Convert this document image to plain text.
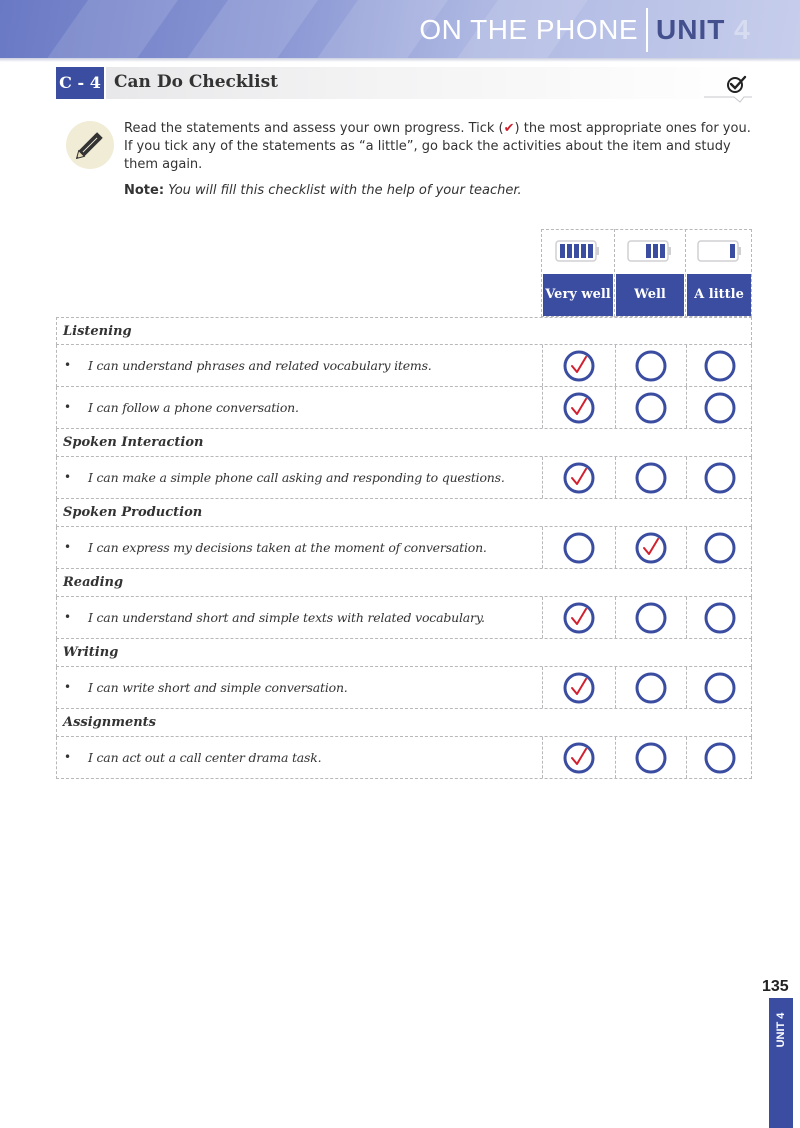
ON THE PHONE UNIT 4
C - 4 Can Do Checklist
Read the statements and assess your own progress. Tick (✔) the most appropriate ones for you. If you tick any of the statements as “a little”, go back the activities about the item and study them again.
Note: You will fill this checklist with the help of your teacher.
Very well	Well	A little
Listening
• I can understand phrases and related vocabulary items.
• I can follow a phone conversation.
Spoken Interaction
• I can make a simple phone call asking and responding to questions.
Spoken Production
• I can express my decisions taken at the moment of conversation.
Reading
• I can understand short and simple texts with related vocabulary.
Writing
• I can write short and simple conversation.
Assignments
• I can act out a call center drama task.
135
UNIT 4
